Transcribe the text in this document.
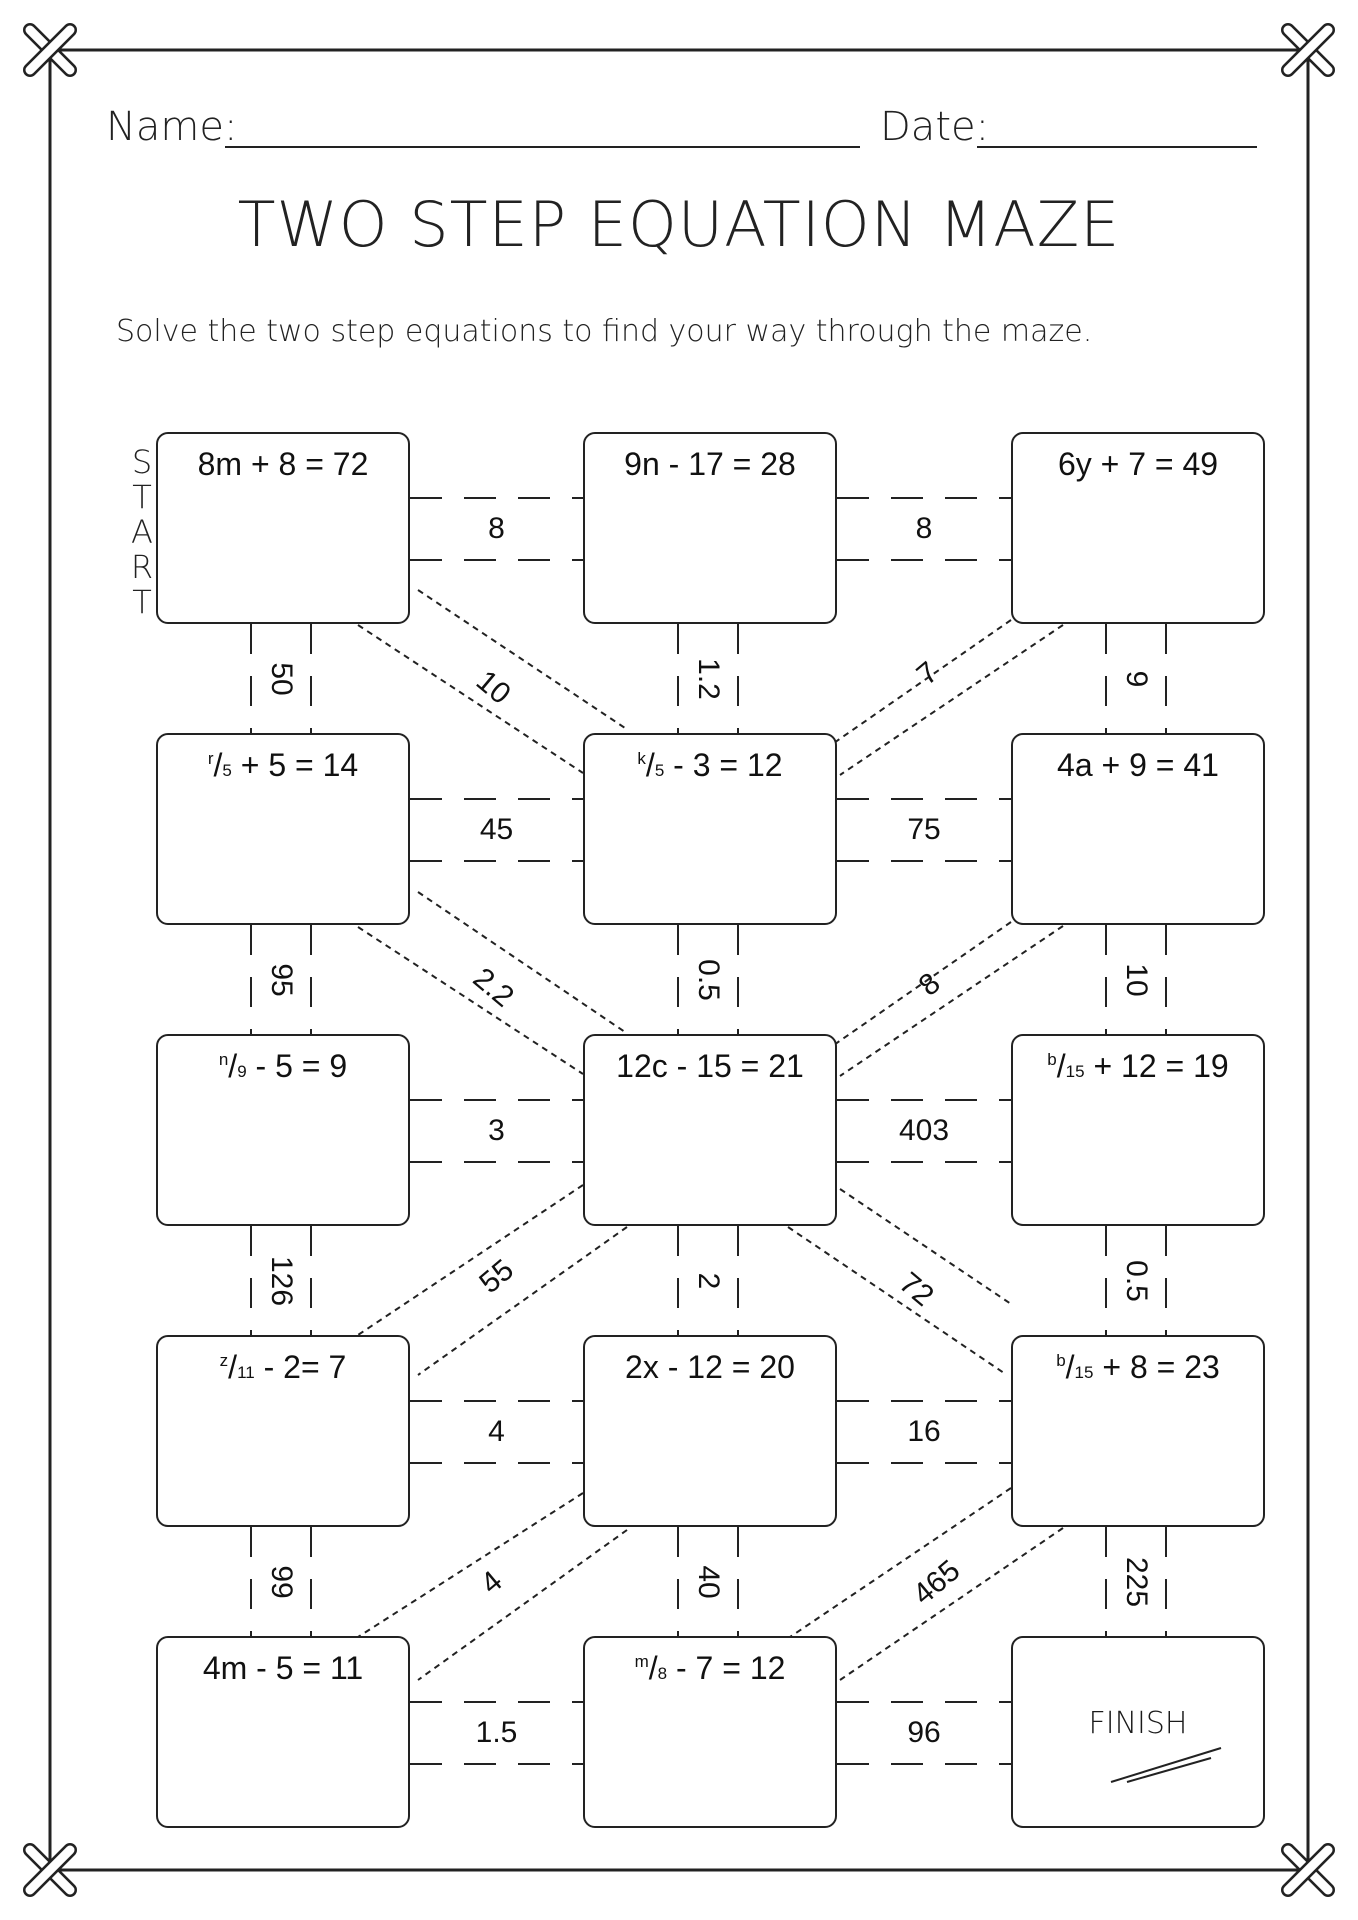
Name:	Date:
TWO STEP EQUATION MAZE
Solve the two step equations to find your way through the maze.
S
T
A
R
T
8m + 8 = 72	9n - 17 = 28	6y + 7 = 49
$^r$/5 + 5 = 14	$^k$/5 - 3 = 12	4a + 9 = 41
$^n$/9 - 5 = 9	12c - 15 = 21	$^b$/15 + 12 = 19
$^z$/11 - 2= 7	2x - 12 = 20	$^b$/15 + 8 = 23
4m - 5 = 11	$^m$/8 - 7 = 12
FINISH
8	8
45	75
3	403
4	16
1.5	96
50	1.2	9
95	0.5	10
126	2	0.5
99	40	225
10	7
2.2	8
55	72
4	465
